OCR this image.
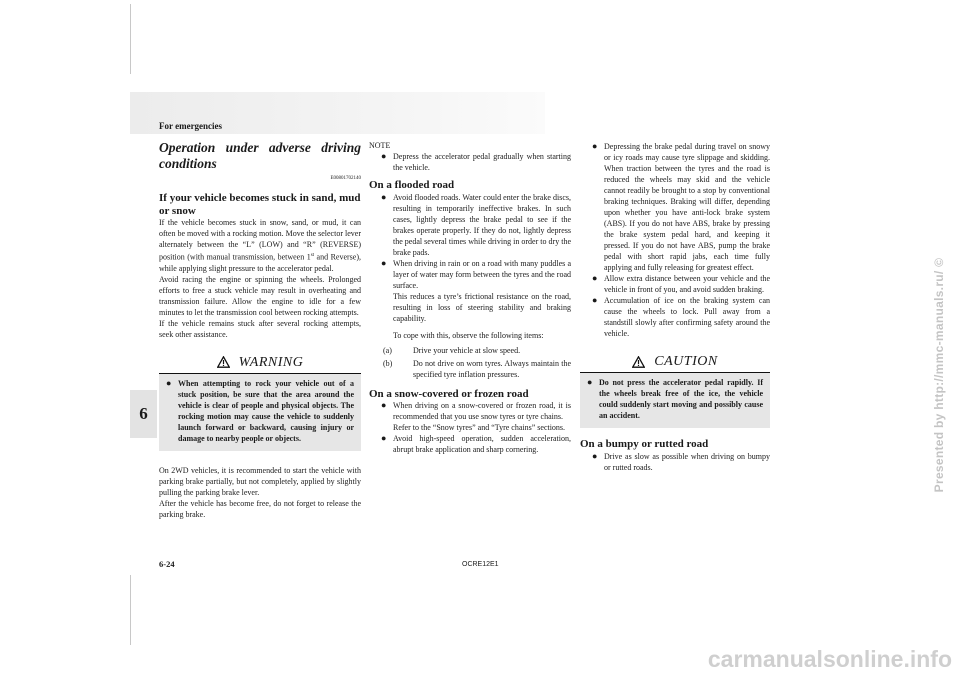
For emergencies
6

Operation under adverse driving conditions

E00801702140
If your vehicle becomes stuck in sand, mud or snow

If the vehicle becomes stuck in snow, sand, or mud, it can often be moved with a rocking motion. Move the selector lever alternately between the “L” (LOW) and “R” (REVERSE) position (with manual transmission, between 1st and Reverse), while applying slight pressure to the accelerator pedal.

Avoid racing the engine or spinning the wheels. Prolonged efforts to free a stuck vehicle may result in overheating and transmission failure. Allow the engine to idle for a few minutes to let the transmission cool between rocking attempts.

If the vehicle remains stuck after several rocking attempts, seek other assistance.

WARNING
● When attempting to rock your vehicle out of a stuck position, be sure that the area around the vehicle is clear of people and physical objects. The rocking motion may cause the vehicle to suddenly launch forward or backward, causing injury or damage to nearby people or objects.

On 2WD vehicles, it is recommended to start the vehicle with parking brake partially, but not completely, applied by slightly pulling the parking brake lever.

After the vehicle has become free, do not forget to release the parking brake.

NOTE
● Depress the accelerator pedal gradually when starting the vehicle.
On a flooded road
● Avoid flooded roads. Water could enter the brake discs, resulting in temporarily ineffective brakes. In such cases, lightly depress the brake pedal to see if the brakes operate properly. If they do not, lightly depress the pedal several times while driving in order to dry the brake pads.
● When driving in rain or on a road with many puddles a layer of water may form between the tyres and the road surface.
This reduces a tyre’s frictional resistance on the road, resulting in loss of steering stability and braking capability.
To cope with this, observe the following items:
(a)	Drive your vehicle at slow speed.
(b)	Do not drive on worn tyres. Always maintain the specified tyre inflation pressures.
On a snow-covered or frozen road
● When driving on a snow-covered or frozen road, it is recommended that you use snow tyres or tyre chains.
Refer to the “Snow tyres” and “Tyre chains” sections.
● Avoid high-speed operation, sudden acceleration, abrupt brake application and sharp cornering.
● Depressing the brake pedal during travel on snowy or icy roads may cause tyre slippage and skidding. When traction between the tyres and the road is reduced the wheels may skid and the vehicle cannot readily be brought to a stop by conventional braking techniques. Braking will differ, depending upon whether you have anti-lock brake system (ABS). If you do not have ABS, brake by pressing the brake system pedal hard, and keeping it pressed. If you do not have ABS, pump the brake pedal with short rapid jabs, each time fully applying and fully releasing for greatest effect.
● Allow extra distance between your vehicle and the vehicle in front of you, and avoid sudden braking.
● Accumulation of ice on the braking system can cause the wheels to lock. Pull away from a standstill slowly after confirming safety around the vehicle.
CAUTION
● Do not press the accelerator pedal rapidly. If the wheels break free of the ice, the vehicle could suddenly start moving and possibly cause an accident.
On a bumpy or rutted road
● Drive as slow as possible when driving on bumpy or rutted roads.
6-24	OCRE12E1
Presented by http://mmc-manuals.ru/ ©
carmanualsonline.info
